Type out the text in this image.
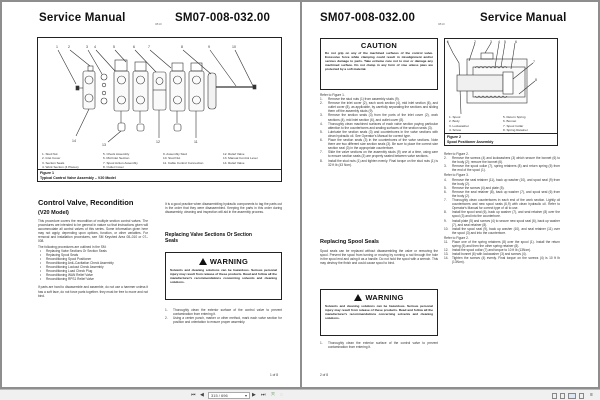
Service Manual	0810 SM07-008-032.00
1	2	3 4	5	6	7	8	9	10
14
13
12	11
1. Stud Nut
2. Inlet Cover
3. Section Seals
4. Work Section (4 Places)
5. Check Assembly
6. Mid Inlet Section
7. Spool Action Assembly
8. Outlet Cover
9. Assembly Stud
10. Stud Nut
11. Cable Control Connection
12. Relief Valve
13. Manual Control Lever
14. Relief Valve
Figure 1
Typical Control Valve Assembly – V20 Model
Control Valve, Recondition
(V20 Model)

This procedure covers the recondition of multiple section control valves. The procedures are intended to be general in nature so that instructions given will accommodate all control valves of this series. Some information given here may not apply, depending upon options, function, or other variables. For removal and installation procedures, see SM Keyshed Area 08–010 or 07–008.

The following procedures are outlined in the SM:

• Replacing Valve Sections Or Section Seals
• Replacing Spool Seals
• Reconditioning Spool Positioner
• Reconditioning Anti–Cavitation Check Assembly
• Reconditioning Lockout Check Assembly
• Reconditioning Load Check Plug
• Reconditioning WAN Relief Valve
• Reconditioning RPS1 Relief Valve

If parts are hard to disassemble and assemble, do not use a hammer unless it has a soft face, do not force parts together. they must be free to move and not bind.

It is a good practice when disassembling hydraulic components to tag the parts out in the order that they were disassembled. Keeping the parts in this order during disassembly, cleaning and inspection will aid in the assembly process.
Replacing Valve Sections Or Section Seals
WARNING
Solvents and cleaning solutions can be hazardous. Serious personal injury may result from release of these products. Read and follow all the manufacturer's recommendations concerning solvents and cleaning solutions.
1. Thoroughly clean the exterior surface of the control valve to prevent contamination from entering it.
2. Using a center punch, marker or other method, mark each valve section for position and orientation to ensure proper assembly.
1 of 8
SM07-008-032.00	0810	Service Manual
CAUTION
Do not grip on any of the machined surfaces of the control valve. Excessive force while clamping could result in misalignment and/or serious damage to parts. Take extreme care not to mar or damage any machined surface. Do not clamp in any form of vise unless jaws are protected by a soft material.

Refer to Figure 1.

1. Remove the stud nuts (1) from assembly studs (9).
2. Remove the inlet cover (2), each work section (4), mid inlet section (6), and outlet cover (8), as applicable, by carefully separating the sections and sliding them off the assembly studs (9).
3. Remove the section seals (3) from the ports of the inlet cover (2), work sections (4), mid inlet section (6), and outlet cover (8).
4. Thoroughly clean machined surfaces of each valve section paying particular attention to the counterbores and sealing surfaces of the section seals (3).
5. Lubricate the section seals (3) and counterbores in the valve sections with clean hydraulic oil. See Operator's Manual for correct type.
6. Place the section seals (3) in the counterbores of the valve sections. Note there are two different size section seals (3). Be sure to place the correct size section seal (3) in the appropriate counterbore.
7. Slide the valve sections on the assembly studs (9) one at a time, using care to ensure section seals (3) are properly seated between valve sections.
8. Install the stud nuts (1) and tighten evenly. Final torque on the stud nuts (1) is 32 ft lb (43 N•m).
Replacing Spool Seals
Spool seals can be replaced without disassembling the valve or removing the spool. Prevent the spool from turning or moving by running a rod through the hole in the spool end and using it as a handle. Do not hold the spool with a wrench. This may destroy the finish and could cause spool to bind.
WARNING
Solvents and cleaning solutions can be hazardous. Serious personal injury may result from release of these products. Read and follow all the manufacturer's recommendations concerning solvents and cleaning solutions.
1. Thoroughly clean the exterior surface of the control valve to prevent contamination from entering it.
1	2	3 4 5	6
7
8
1. Spool
2. Body
3. Lockwasher
4. Screw
5. Return Spring
6. Bonnet
7. Spool Collar
8. Spring Retainer
Figure 2
Spool Positioner Assembly

Refer to Figure 2.

2. Remove the screws (4) and lockwashers (3) which secure the bonnet (6) to the body (2); remove the bonnet (6).
3. Remove the spool collar (7), spring retainers (8) and return spring (5) from the end of the spool (1).

Refer to Figure 3.

4. Remove the seal retainer (11), back up washer (10), and spool seal (9) from the body (2).
5. Remove the screws (4) and plate (5).
6. Remove the seal retainer (8), back up washer (7), and spool seal (6) from the body (2).
7. Thoroughly clean counterbores in each end of the work section. Lightly oil counterbores and new spool seals (6,9) with clean hydraulic oil. Refer to Operator's Manual for correct type of oil to use.
8. Install the spool seal (6), back up washer (7), and seal retainer (8) over the spool (3) and into the counterbore.
9. Install plate (5) and screws (4) to secure new spool seal (6), back up washer (7), and seal retainer (8).
10. Install the spool seal (9), back up washer (10), and seal retainer (11) over the spool (3) and into the counterbore.

Refer to Figure 2.

11. Place one of the spring retainers (8) over the spool (1). Install the return spring (5) and then the other spring retainer (8).
12. Install the spool collar (7) and torque to 10 ft lb (13N•m).
13. Install bonnet (6) with lockwasher (3) and screws (4).
14. Tighten the screws (4) evenly. Final torque on the screws (4) is 10 ft lb (13N•m).
2 of 8
⏮ ◀	315 / 696	▾ ▶ ⏭ ⤧ ◌	≡
